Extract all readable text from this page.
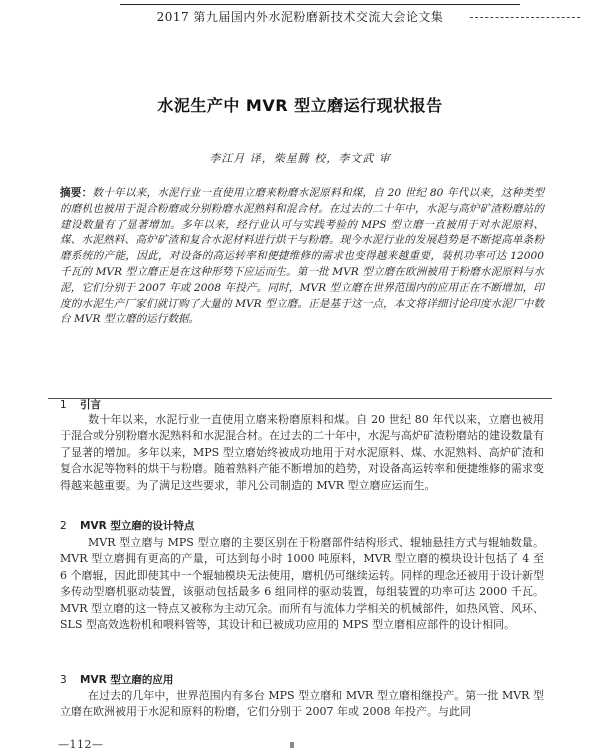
2017 第九届国内外水泥粉磨新技术交流大会论文集
水泥生产中 MVR 型立磨运行现状报告
李江月 译，柴星腾 校，李文武 审
摘要：数十年以来，水泥行业一直使用立磨来粉磨水泥原料和煤，自 20 世纪 80 年代以来，这种类型的磨机也被用于混合粉磨或分别粉磨水泥熟料和混合材。在过去的二十年中，水泥与高炉矿渣粉磨站的建设数量有了显著增加。多年以来，经行业认可与实践考验的 MPS 型立磨一直被用于对水泥原料、煤、水泥熟料、高炉矿渣和复合水泥材料进行烘干与粉磨。现今水泥行业的发展趋势是不断提高单条粉磨系统的产能，因此，对设备的高运转率和便捷维修的需求也变得越来越重要，装机功率可达 12000 千瓦的 MVR 型立磨正是在这种形势下应运而生。第一批 MVR 型立磨在欧洲被用于粉磨水泥原料与水泥，它们分别于 2007 年或 2008 年投产。同时，MVR 型立磨在世界范围内的应用正在不断增加，印度的水泥生产厂家们就订购了大量的 MVR 型立磨。正是基于这一点，本文将详细讨论印度水泥厂中数台 MVR 型立磨的运行数据。
1 引言
数十年以来，水泥行业一直使用立磨来粉磨原料和煤。自 20 世纪 80 年代以来，立磨也被用于混合或分别粉磨水泥熟料和水泥混合材。在过去的二十年中，水泥与高炉矿渣粉磨站的建设数量有了显著的增加。多年以来，MPS 型立磨始终被成功地用于对水泥原料、煤、水泥熟料、高炉矿渣和复合水泥等物料的烘干与粉磨。随着熟料产能不断增加的趋势，对设备高运转率和便捷维修的需求变得越来越重要。为了满足这些要求，菲凡公司制造的 MVR 型立磨应运而生。
2 MVR 型立磨的设计特点
MVR 型立磨与 MPS 型立磨的主要区别在于粉磨部件结构形式、辊轴悬挂方式与辊轴数量。MVR 型立磨拥有更高的产量，可达到每小时 1000 吨原料，MVR 型立磨的模块设计包括了 4 至 6 个磨辊，因此即使其中一个辊轴模块无法使用，磨机仍可继续运转。同样的理念还被用于设计新型多传动型磨机驱动装置，该驱动包括最多 6 组同样的驱动装置，每组装置的功率可达 2000 千瓦。MVR 型立磨的这一特点又被称为主动冗余。而所有与流体力学相关的机械部件，如热风管、风环、SLS 型高效选粉机和喂料管等，其设计和已被成功应用的 MPS 型立磨相应部件的设计相同。
3 MVR 型立磨的应用
在过去的几年中，世界范围内有多台 MPS 型立磨和 MVR 型立磨相继投产。第一批 MVR 型立磨在欧洲被用于水泥和原料的粉磨，它们分别于 2007 年或 2008 年投产。与此同
—112—
